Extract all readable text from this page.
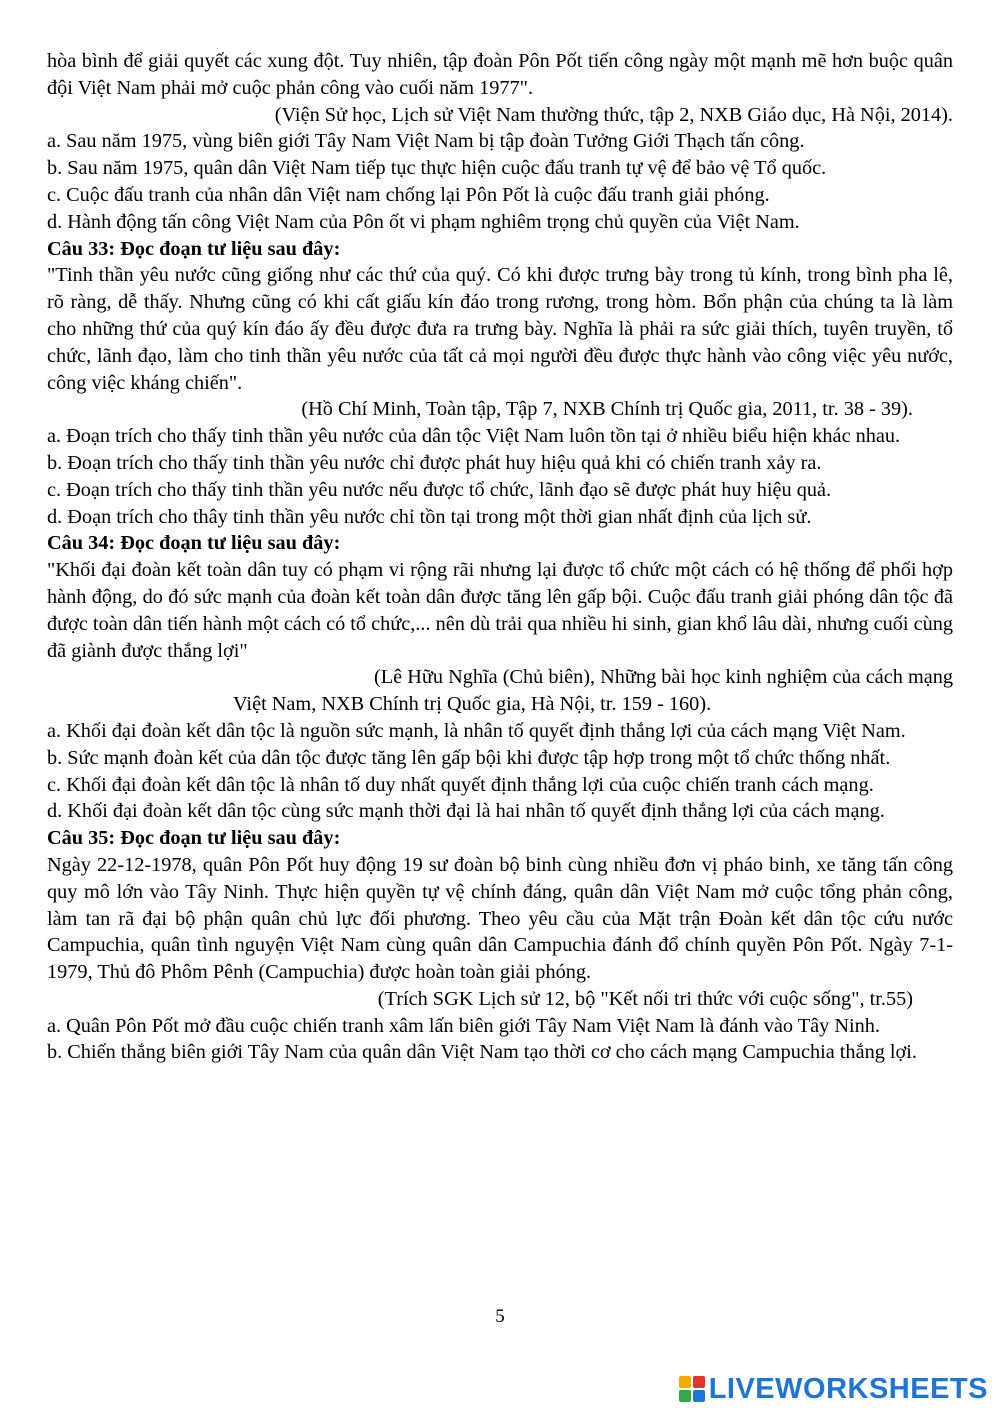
hòa bình để giải quyết các xung đột. Tuy nhiên, tập đoàn Pôn Pốt tiến công ngày một mạnh mẽ hơn buộc quân đội Việt Nam phải mở cuộc phản công vào cuối năm 1977".

(Viện Sử học, Lịch sử Việt Nam thường thức, tập 2, NXB Giáo dục, Hà Nội, 2014).

a. Sau năm 1975, vùng biên giới Tây Nam Việt Nam bị tập đoàn Tưởng Giới Thạch tấn công.

b. Sau năm 1975, quân dân Việt Nam tiếp tục thực hiện cuộc đấu tranh tự vệ để bảo vệ Tổ quốc.

c. Cuộc đấu tranh của nhân dân Việt nam chống lại Pôn Pốt là cuộc đấu tranh giải phóng.

d. Hành động tấn công Việt Nam của Pôn ốt vi phạm nghiêm trọng chủ quyền của Việt Nam.

Câu 33: Đọc đoạn tư liệu sau đây:

"Tinh thần yêu nước cũng giống như các thứ của quý. Có khi được trưng bày trong tủ kính, trong bình pha lê, rõ ràng, dễ thấy. Nhưng cũng có khi cất giấu kín đáo trong rương, trong hòm. Bổn phận của chúng ta là làm cho những thứ của quý kín đáo ấy đều được đưa ra trưng bày. Nghĩa là phải ra sức giải thích, tuyên truyền, tổ chức, lãnh đạo, làm cho tinh thần yêu nước của tất cả mọi người đều được thực hành vào công việc yêu nước, công việc kháng chiến".

(Hồ Chí Minh, Toàn tập, Tập 7, NXB Chính trị Quốc gia, 2011, tr. 38 - 39).

a. Đoạn trích cho thấy tinh thần yêu nước của dân tộc Việt Nam luôn tồn tại ở nhiều biểu hiện khác nhau.

b. Đoạn trích cho thấy tinh thần yêu nước chỉ được phát huy hiệu quả khi có chiến tranh xảy ra.

c. Đoạn trích cho thấy tinh thần yêu nước nếu được tổ chức, lãnh đạo sẽ được phát huy hiệu quả.

d. Đoạn trích cho thây tinh thần yêu nước chỉ tồn tại trong một thời gian nhất định của lịch sử.

Câu 34: Đọc đoạn tư liệu sau đây:

"Khối đại đoàn kết toàn dân tuy có phạm vi rộng rãi nhưng lại được tổ chức một cách có hệ thống để phối hợp hành động, do đó sức mạnh của đoàn kết toàn dân được tăng lên gấp bội. Cuộc đấu tranh giải phóng dân tộc đã được toàn dân tiến hành một cách có tổ chức,... nên dù trải qua nhiều hi sinh, gian khổ lâu dài, nhưng cuối cùng đã giành được thắng lợi"

(Lê Hữu Nghĩa (Chủ biên), Những bài học kinh nghiệm của cách mạng

Việt Nam, NXB Chính trị Quốc gia, Hà Nội, tr. 159 - 160).

a. Khối đại đoàn kết dân tộc là nguồn sức mạnh, là nhân tố quyết định thắng lợi của cách mạng Việt Nam.

b. Sức mạnh đoàn kết của dân tộc được tăng lên gấp bội khi được tập hợp trong một tổ chức thống nhất.

c. Khối đại đoàn kết dân tộc là nhân tố duy nhất quyết định thắng lợi của cuộc chiến tranh cách mạng.

d. Khối đại đoàn kết dân tộc cùng sức mạnh thời đại là hai nhân tố quyết định thắng lợi của cách mạng.

Câu 35: Đọc đoạn tư liệu sau đây:

Ngày 22-12-1978, quân Pôn Pốt huy động 19 sư đoàn bộ binh cùng nhiều đơn vị pháo binh, xe tăng tấn công quy mô lớn vào Tây Ninh. Thực hiện quyền tự vệ chính đáng, quân dân Việt Nam mở cuộc tổng phản công, làm tan rã đại bộ phận quân chủ lực đối phương. Theo yêu cầu của Mặt trận Đoàn kết dân tộc cứu nước Campuchia, quân tình nguyện Việt Nam cùng quân dân Campuchia đánh đổ chính quyền Pôn Pốt. Ngày 7-1-1979, Thủ đô Phôm Pênh (Campuchia) được hoàn toàn giải phóng.

(Trích SGK Lịch sử 12, bộ "Kết nối tri thức với cuộc sống", tr.55)

a. Quân Pôn Pốt mở đầu cuộc chiến tranh xâm lấn biên giới Tây Nam Việt Nam là đánh vào Tây Ninh.

b. Chiến thắng biên giới Tây Nam của quân dân Việt Nam tạo thời cơ cho cách mạng Campuchia thắng lợi.

5
LIVEWORKSHEETS
